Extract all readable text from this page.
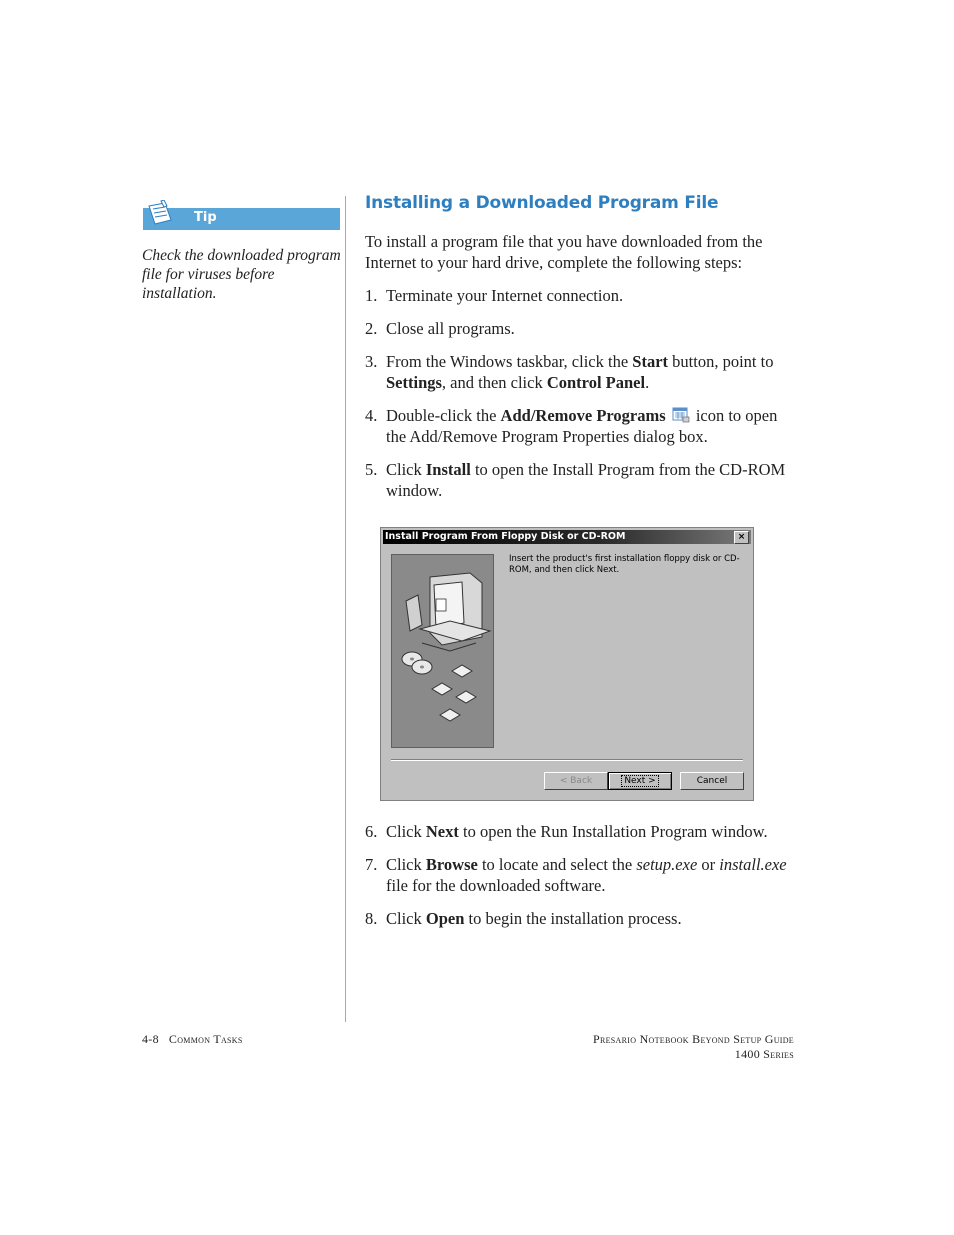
Tip
Check the downloaded program file for viruses before installation.
Installing a Downloaded Program File
To install a program file that you have downloaded from the Internet to your hard drive, complete the following steps:
1. Terminate your Internet connection.
2. Close all programs.
3. From the Windows taskbar, click the Start button, point to Settings, and then click Control Panel.
4. Double-click the Add/Remove Programs icon to open the Add/Remove Program Properties dialog box.
5. Click Install to open the Install Program from the CD-ROM window.
Install Program From Floppy Disk or CD-ROM	×
Insert the product's first installation floppy disk or CD-ROM, and then click Next.
< Back	Next >	Cancel
6. Click Next to open the Run Installation Program window.
7. Click Browse to locate and select the setup.exe or install.exe file for the downloaded software.
8. Click Open to begin the installation process.
4-8 Common Tasks	Presario Notebook Beyond Setup Guide
1400 Series
